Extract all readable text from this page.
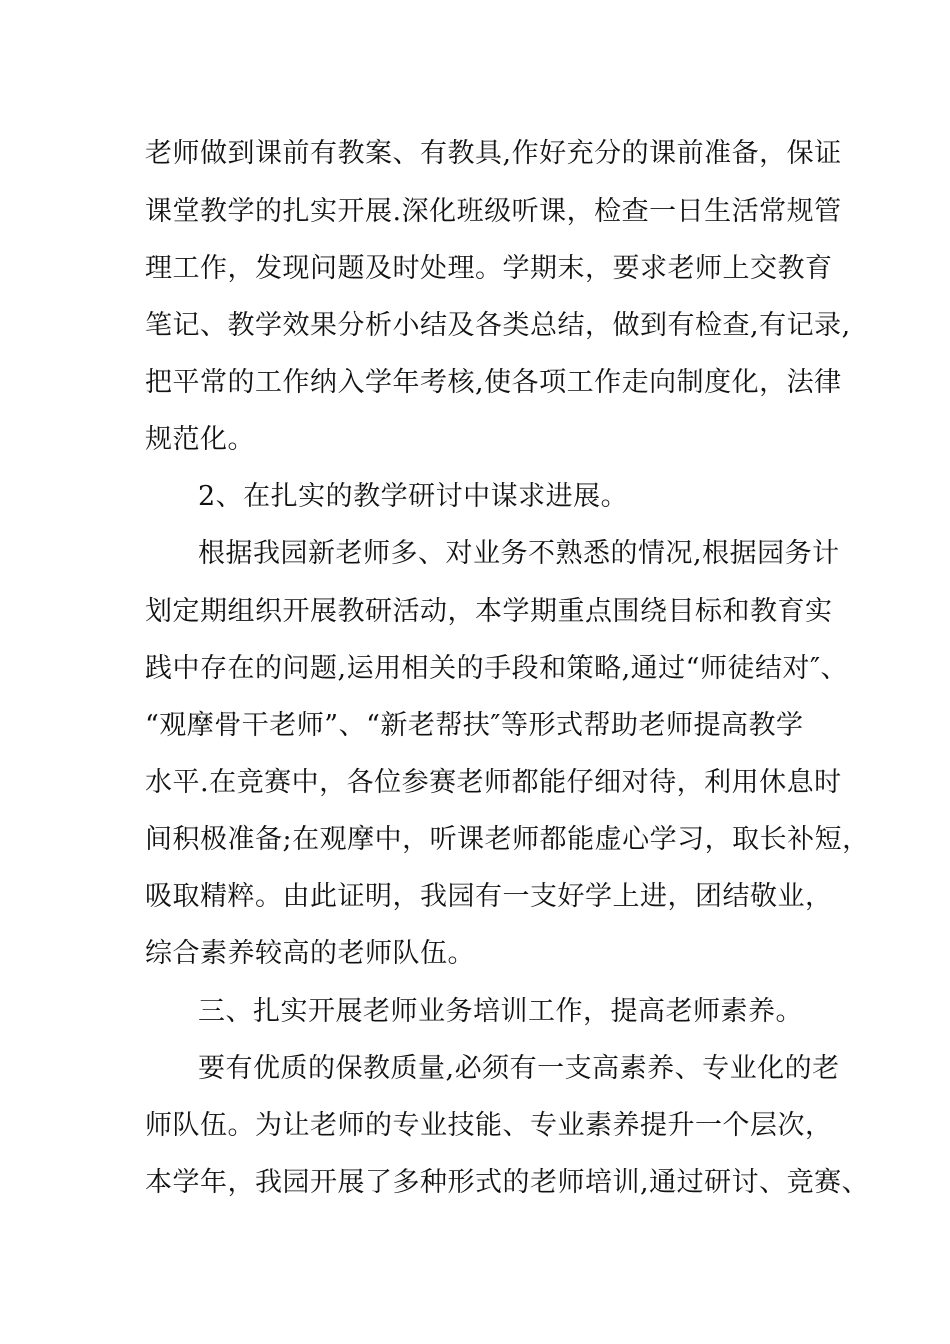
老师做到课前有教案、有教具,作好充分的课前准备，保证
课堂教学的扎实开展.深化班级听课，检查一日生活常规管
理工作，发现问题及时处理。学期末，要求老师上交教育
笔记、教学效果分析小结及各类总结，做到有检查,有记录,
把平常的工作纳入学年考核,使各项工作走向制度化，法律
规范化。
2、在扎实的教学研讨中谋求进展。
根据我园新老师多、对业务不熟悉的情况,根据园务计
划定期组织开展教研活动，本学期重点围绕目标和教育实
践中存在的问题,运用相关的手段和策略,通过“师徒结对″、
“观摩骨干老师”、“新老帮扶″等形式帮助老师提高教学
水平.在竞赛中，各位参赛老师都能仔细对待，利用休息时
间积极准备;在观摩中，听课老师都能虚心学习，取长补短，
吸取精粹。由此证明，我园有一支好学上进，团结敬业，
综合素养较高的老师队伍。
三、扎实开展老师业务培训工作，提高老师素养。
要有优质的保教质量,必须有一支高素养、专业化的老
师队伍。为让老师的专业技能、专业素养提升一个层次，
本学年，我园开展了多种形式的老师培训,通过研讨、竞赛、
